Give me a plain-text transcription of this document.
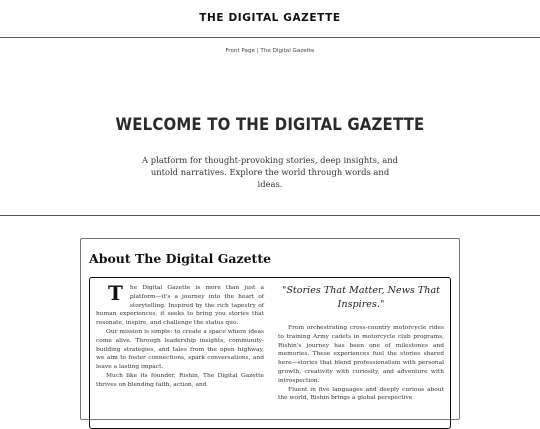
THE DIGITAL GAZETTE
Front Page | The Digital Gazette
WELCOME TO THE DIGITAL GAZETTE

A platform for thought-provoking stories, deep insights, and untold narratives. Explore the world through words and ideas.

About The Digital Gazette

T he Digital Gazette is more than just a platform—it's a journey into the heart of storytelling. Inspired by the rich tapestry of human experiences, it seeks to bring you stories that resonate, inspire, and challenge the status quo.

Our mission is simple: to create a space where ideas come alive. Through leadership insights, community-building strategies, and tales from the open highway, we aim to foster connections, spark conversations, and leave a lasting impact.

Much like its founder, Rishin, The Digital Gazette thrives on blending faith, action, and

"Stories That Matter, News That Inspires."

From orchestrating cross-country motorcycle rides to training Army cadets in motorcycle club programs, Rishin's journey has been one of milestones and memories. These experiences fuel the stories shared here—stories that blend professionalism with personal growth, creativity with curiosity, and adventure with introspection.

Fluent in five languages and deeply curious about the world, Rishin brings a global perspective
